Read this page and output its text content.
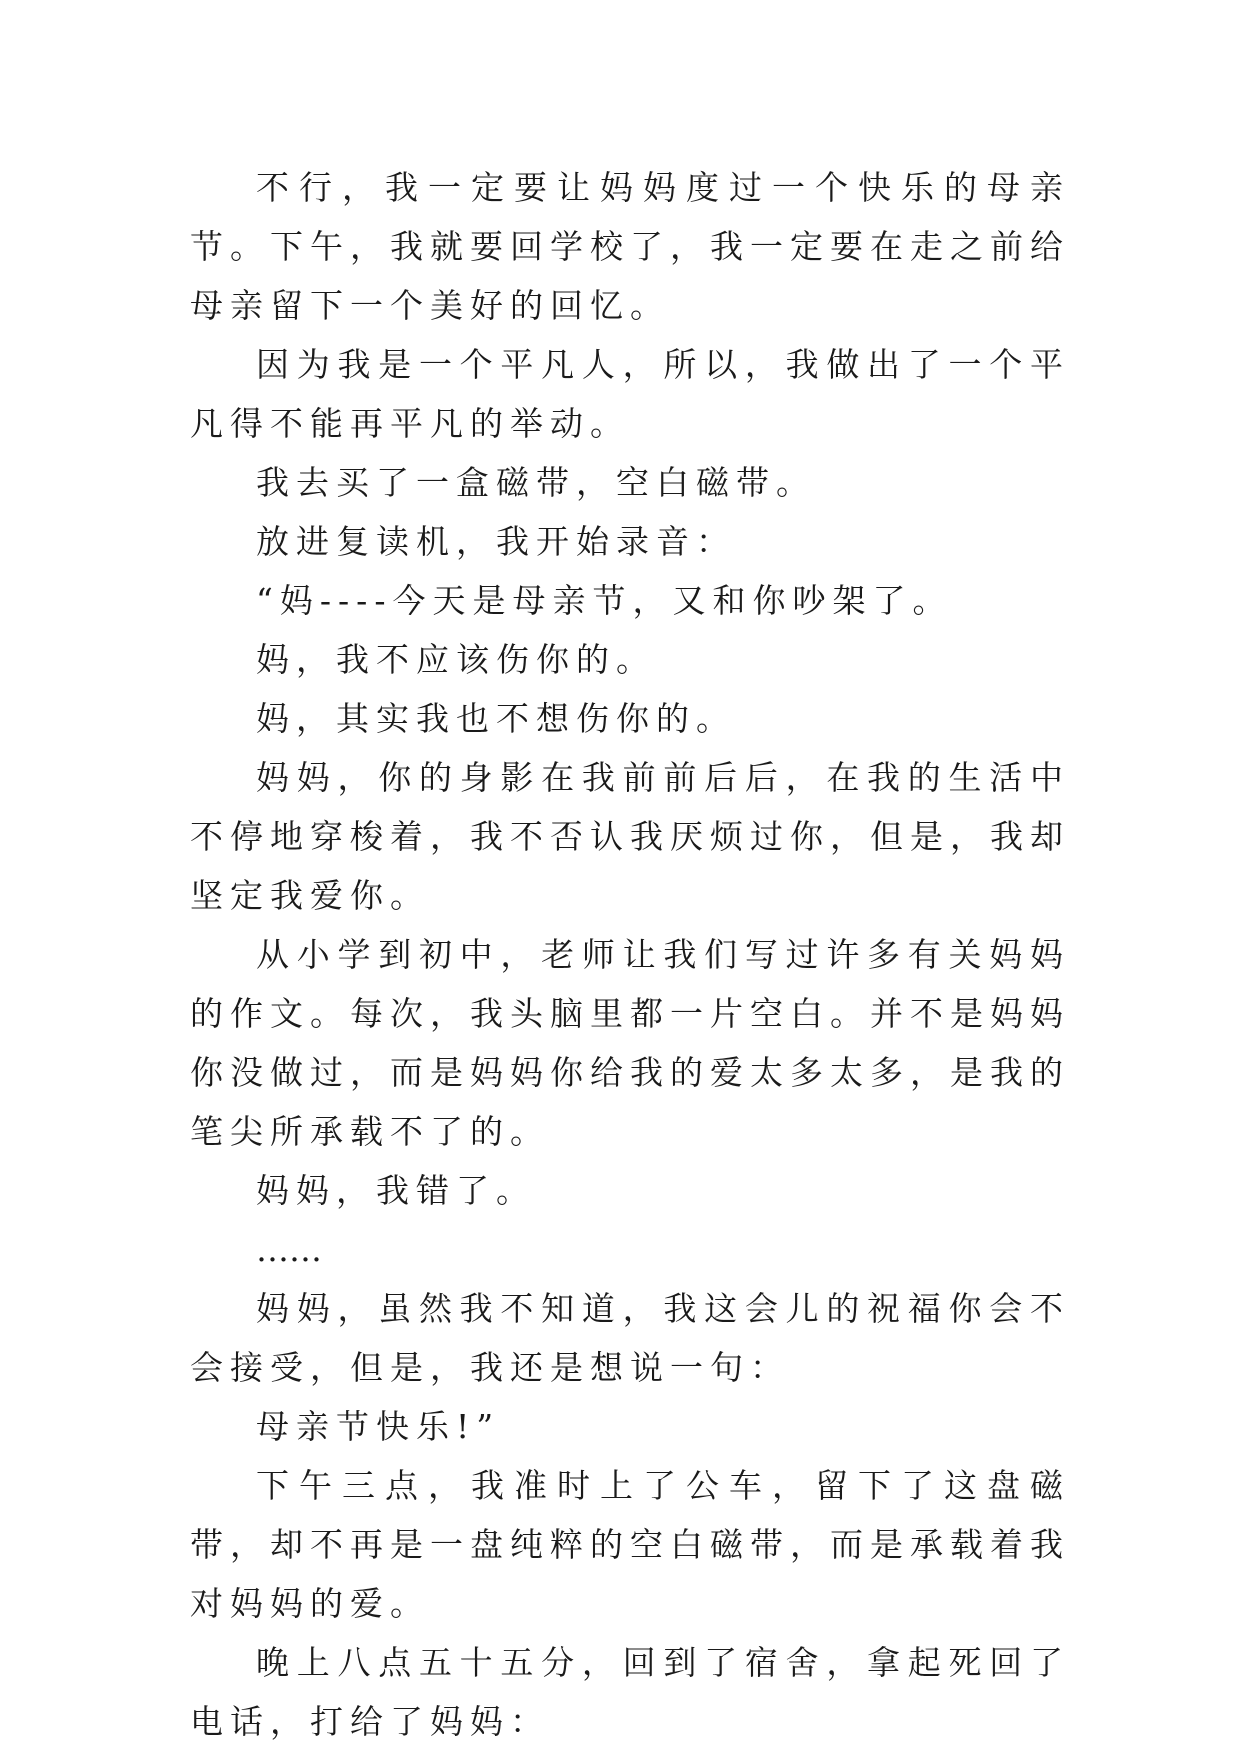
不行，我一定要让妈妈度过一个快乐的母亲节。下午，我就要回学校了，我一定要在走之前给母亲留下一个美好的回忆。

因为我是一个平凡人，所以，我做出了一个平凡得不能再平凡的举动。

我去买了一盒磁带，空白磁带。

放进复读机，我开始录音：

“妈----今天是母亲节，又和你吵架了。

妈，我不应该伤你的。

妈，其实我也不想伤你的。

妈妈，你的身影在我前前后后，在我的生活中不停地穿梭着，我不否认我厌烦过你，但是，我却坚定我爱你。

从小学到初中，老师让我们写过许多有关妈妈的作文。每次，我头脑里都一片空白。并不是妈妈你没做过，而是妈妈你给我的爱太多太多，是我的笔尖所承载不了的。

妈妈，我错了。

……

妈妈，虽然我不知道，我这会儿的祝福你会不会接受，但是，我还是想说一句：

母亲节快乐!”

下午三点，我准时上了公车，留下了这盘磁带，却不再是一盘纯粹的空白磁带，而是承载着我对妈妈的爱。

晚上八点五十五分，回到了宿舍，拿起死回了电话，打给了妈妈：
